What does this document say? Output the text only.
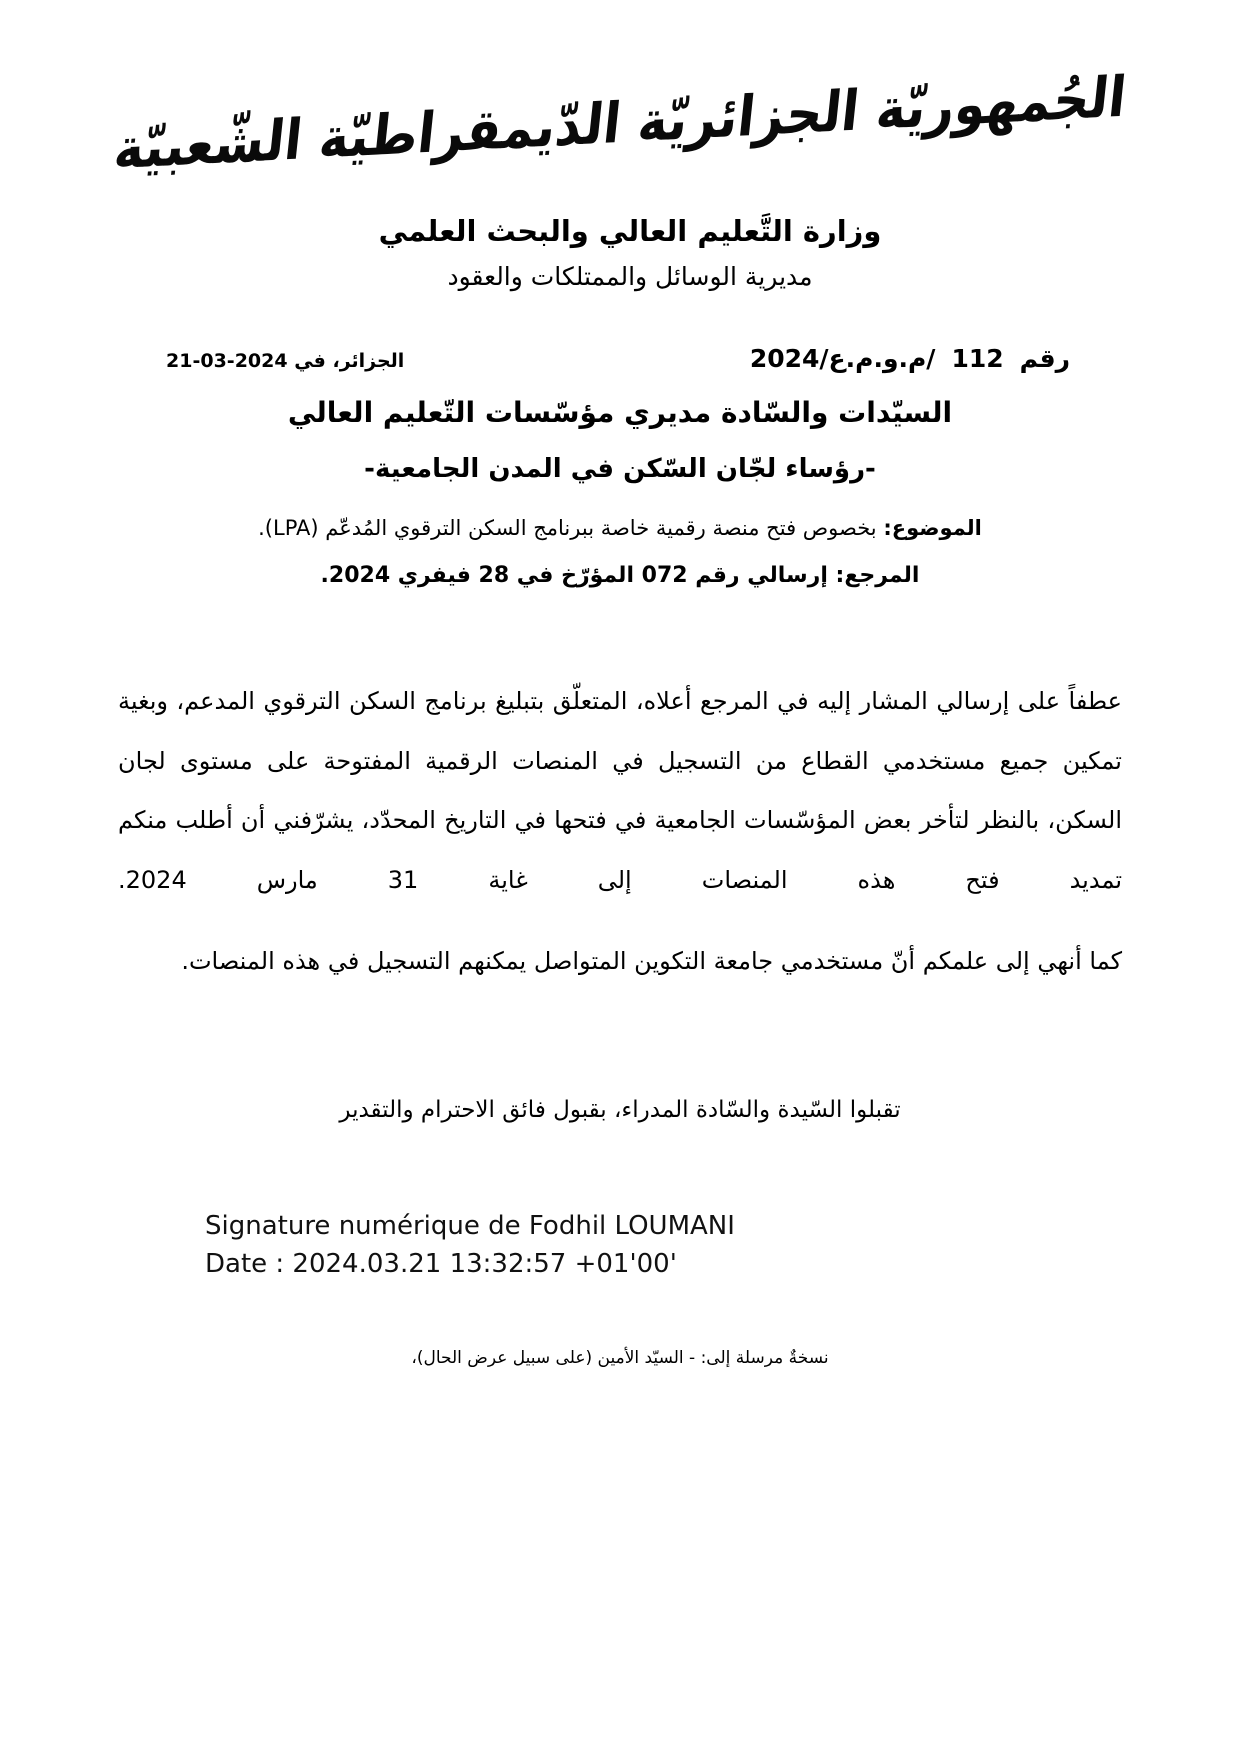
الجُمهوريّة الجزائريّة الدّيمقراطيّة الشّعبيّة
وزارة التَّعليم العالي والبحث العلمي
مديرية الوسائل والممتلكات والعقود
رقم112/م.و.م.ع/2024
الجزائر، في 2024-03-21
السيّدات والسّادة مديري مؤسّسات التّعليم العالي
-رؤساء لجّان السّكن في المدن الجامعية-
الموضوع: بخصوص فتح منصة رقمية خاصة ببرنامج السكن الترقوي المُدعّم (LPA).
المرجع: إرسالي رقم 072 المؤرّخ في 28 فيفري 2024.

عطفاً على إرسالي المشار إليه في المرجع أعلاه، المتعلّق بتبليغ برنامج السكن الترقوي المدعم، وبغية تمكين جميع مستخدمي القطاع من التسجيل في المنصات الرقمية المفتوحة على مستوى لجان السكن، بالنظر لتأخر بعض المؤسّسات الجامعية في فتحها في التاريخ المحدّد، يشرّفني أن أطلب منكم تمديد فتح هذه المنصات إلى غاية 31 مارس 2024.

كما أنهي إلى علمكم أنّ مستخدمي جامعة التكوين المتواصل يمكنهم التسجيل في هذه المنصات.

تقبلوا السّيدة والسّادة المدراء، بقبول فائق الاحترام والتقدير
Signature numérique de Fodhil LOUMANI
Date : 2024.03.21 13:32:57 +01'00'
نسخةٌ مرسلة إلى: - السيّد الأمين (على سبيل عرض الحال)،
